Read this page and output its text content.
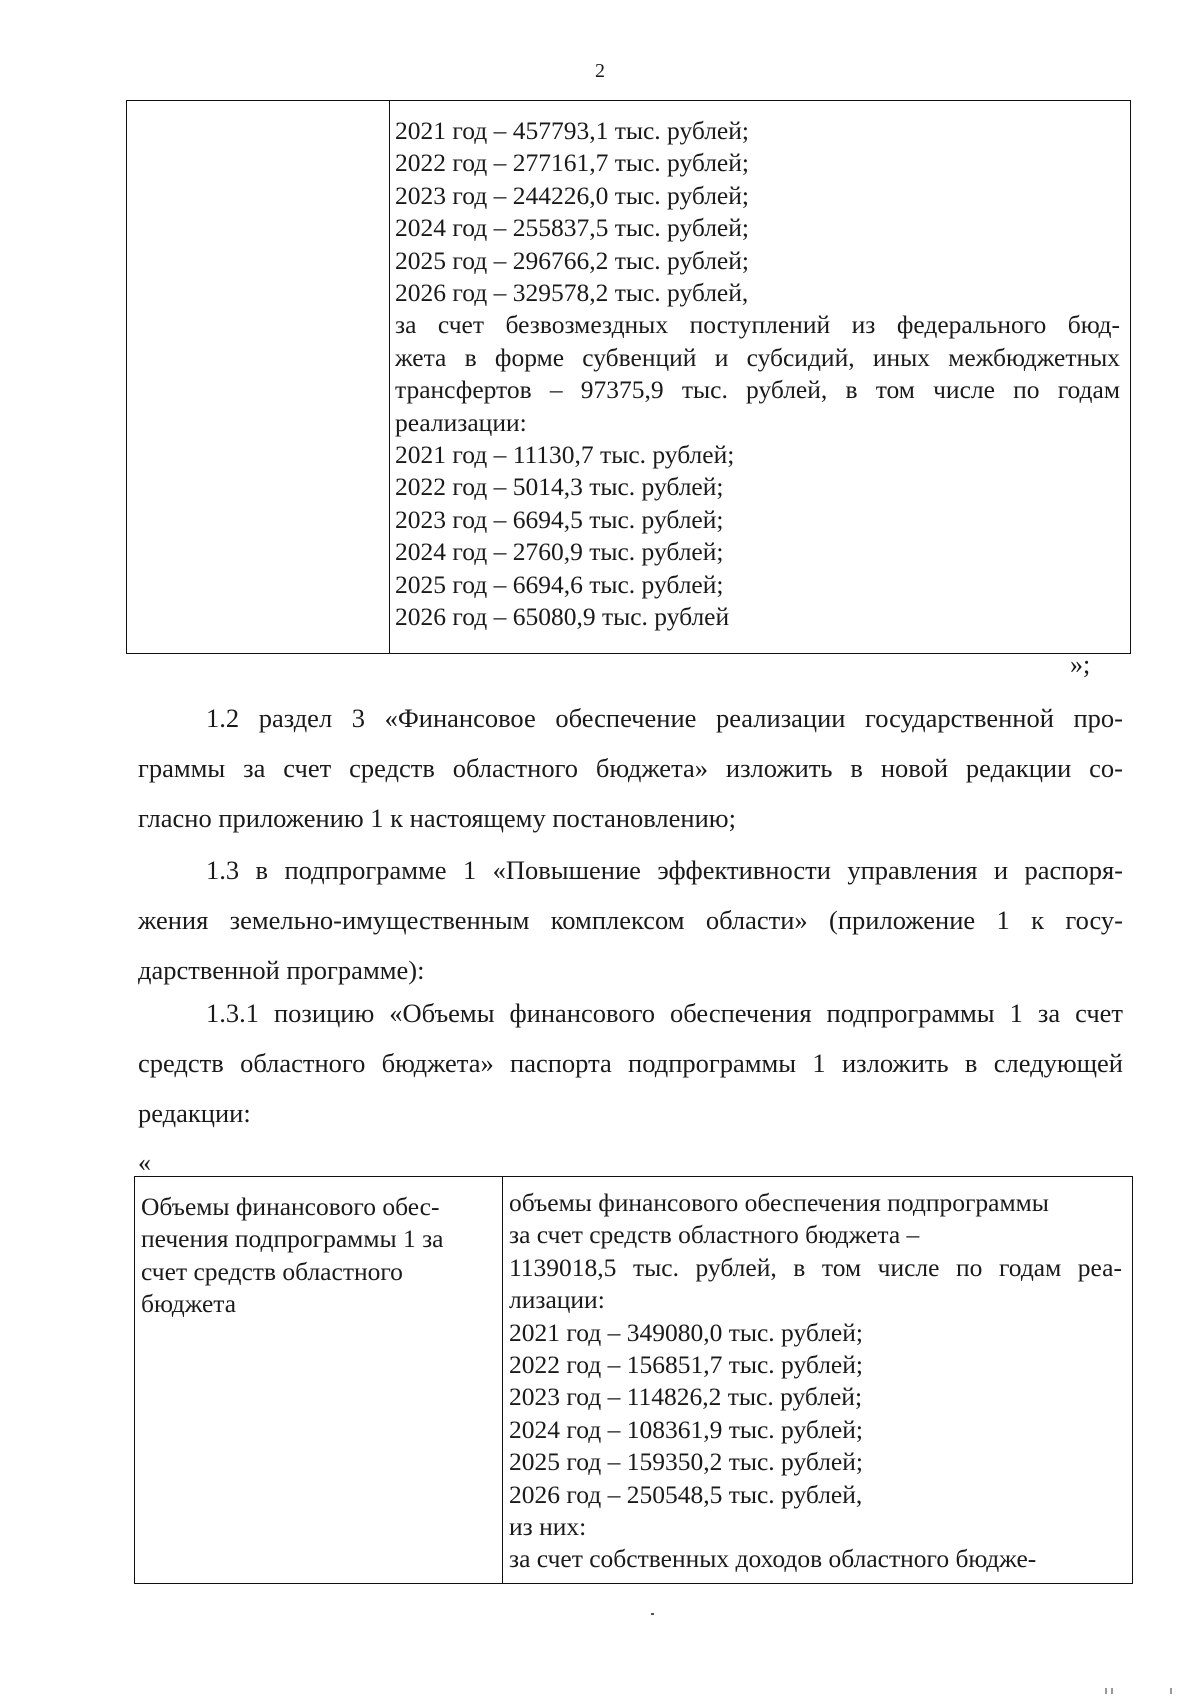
2
2021 год – 457793,1 тыс. рублей;
2022 год – 277161,7 тыс. рублей;
2023 год – 244226,0 тыс. рублей;
2024 год – 255837,5 тыс. рублей;
2025 год – 296766,2 тыс. рублей;
2026 год – 329578,2 тыс. рублей,
за счет безвозмездных поступлений из федерального бюд-
жета в форме субвенций и субсидий, иных межбюджетных
трансфертов – 97375,9 тыс. рублей, в том числе по годам
реализации:
2021 год – 11130,7 тыс. рублей;
2022 год – 5014,3 тыс. рублей;
2023 год – 6694,5 тыс. рублей;
2024 год – 2760,9 тыс. рублей;
2025 год – 6694,6 тыс. рублей;
2026 год – 65080,9 тыс. рублей
»;
1.2 раздел 3 «Финансовое обеспечение реализации государственной про-
граммы за счет средств областного бюджета» изложить в новой редакции со-
гласно приложению 1 к настоящему постановлению;
1.3 в подпрограмме 1 «Повышение эффективности управления и распоря-
жения земельно-имущественным комплексом области» (приложение 1 к госу-
дарственной программе):
1.3.1 позицию «Объемы финансового обеспечения подпрограммы 1 за счет
средств областного бюджета» паспорта подпрограммы 1 изложить в следующей
редакции:
«
Объемы финансового обес-
печения подпрограммы 1 за
счет средств областного
бюджета
объемы финансового обеспечения подпрограммы
за счет средств областного бюджета –
1139018,5 тыс. рублей, в том числе по годам реа-
лизации:
2021 год – 349080,0 тыс. рублей;
2022 год – 156851,7 тыс. рублей;
2023 год – 114826,2 тыс. рублей;
2024 год – 108361,9 тыс. рублей;
2025 год – 159350,2 тыс. рублей;
2026 год – 250548,5 тыс. рублей,
из них:
за счет собственных доходов областного бюдже-
